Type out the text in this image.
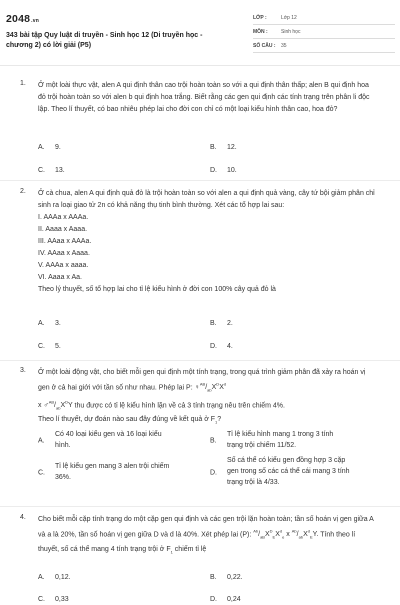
2048.vn
343 bài tập Quy luật di truyền - Sinh học 12 (Di truyền học - chương 2) có lời giải (P5)
LỚP :	Lớp 12
MÔN :	Sinh học
SỐ CÂU :	35
1. Ở một loài thực vật, alen A qui định thân cao trội hoàn toàn so với a qui định thân thấp; alen B qui định hoa đỏ trội hoàn toàn so với alen b qui định hoa trắng. Biết rằng các gen qui định các tính trạng trên phân li độc lập. Theo lí thuyết, có bao nhiêu phép lai cho đời con chỉ có một loại kiểu hình thân cao, hoa đỏ?
A. 9.	B. 12.
C. 13.	D. 10.
2. Ở cà chua, alen A qui định quả đỏ là trội hoàn toàn so với alen a qui định quả vàng, cây tứ bội giảm phân chỉ sinh ra loại giao tử 2n có khả năng thụ tinh bình thường. Xét các tổ hợp lai sau:
I. AAAa x AAAa.
II. Aaaa x Aaaa.
III. AAaa x AAAa.
IV. AAaa x Aaaa.
V. AAAa x aaaa.
VI. Aaaa x Aa.
Theo lý thuyết, số tổ hợp lai cho tỉ lệ kiểu hình ở đời con 100% cây quả đỏ là
A. 3.	B. 2.
C. 5.	D. 4.
3. Ở một loài động vật, cho biết mỗi gen qui định một tính trạng, trong quá trình giảm phân đã xảy ra hoán vị gen ở cả hai giới với tần số như nhau. Phép lai P: $♀^{AB}/_{ab}X^DX^d$
x $♂^{AB}/_{ab}X^DY$ thu được có tỉ lệ kiểu hình lặn về cả 3 tính trạng nêu trên chiếm 4%.
Theo lí thuyết, dự đoán nào sau đây đúng về kết quả ở $F_1$?
A.
Có 40 loại kiểu gen và 16 loại kiểu hình.
B.
Tỉ lệ kiểu hình mang 1 trong 3 tính trạng trội chiếm 11/52.
C.
Tỉ lệ kiểu gen mang 3 alen trội chiếm 36%.
D.
Số cá thể có kiểu gen đồng hợp 3 cặp gen trong số các cá thể cái mang 3 tính trạng trội là 4/33.
4. Cho biết mỗi cặp tính trạng do một cặp gen qui định và các gen trội lặn hoàn toàn; tần số hoán vị gen giữa A và a là 20%, tần số hoán vị gen giữa D và d là 40%. Xét phép lai (P): $^{Ab}/_{aB}X^D_EX^d_e$ x $^{Ab}/_{ab}X^d_EY$. Tính theo lí thuyết, số cá thể mang 4 tính trạng trội ở $F_1$ chiếm tỉ lệ
A. 0,12.	B. 0,22.
C. 0,33	D. 0,24
